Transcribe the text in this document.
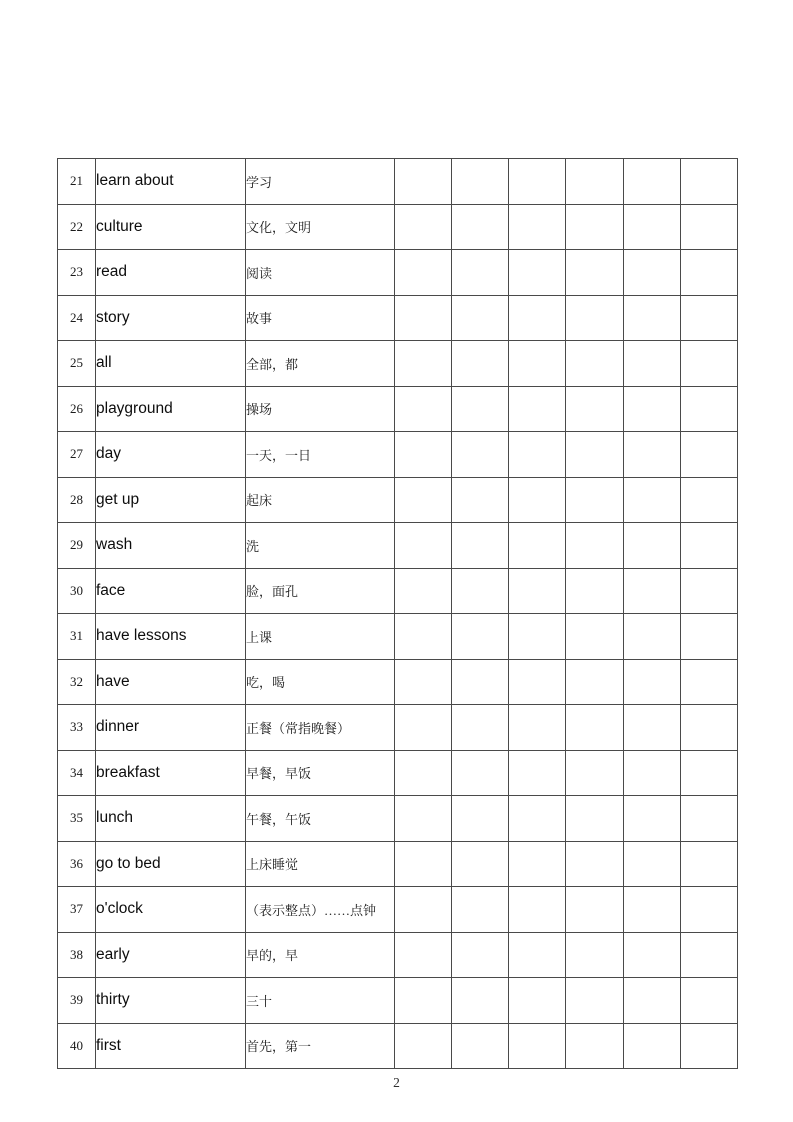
21	learn about	学习						
22	culture	文化，文明						
23	read	阅读						
24	story	故事						
25	all	全部，都						
26	playground	操场						
27	day	一天，一日						
28	get up	起床						
29	wash	洗						
30	face	脸，面孔						
31	have lessons	上课						
32	have	吃，喝						
33	dinner	正餐（常指晚餐）						
34	breakfast	早餐，早饭						
35	lunch	午餐，午饭						
36	go to bed	上床睡觉						
37	o'clock	（表示整点）……点钟						
38	early	早的，早						
39	thirty	三十						
40	first	首先，第一						
2
